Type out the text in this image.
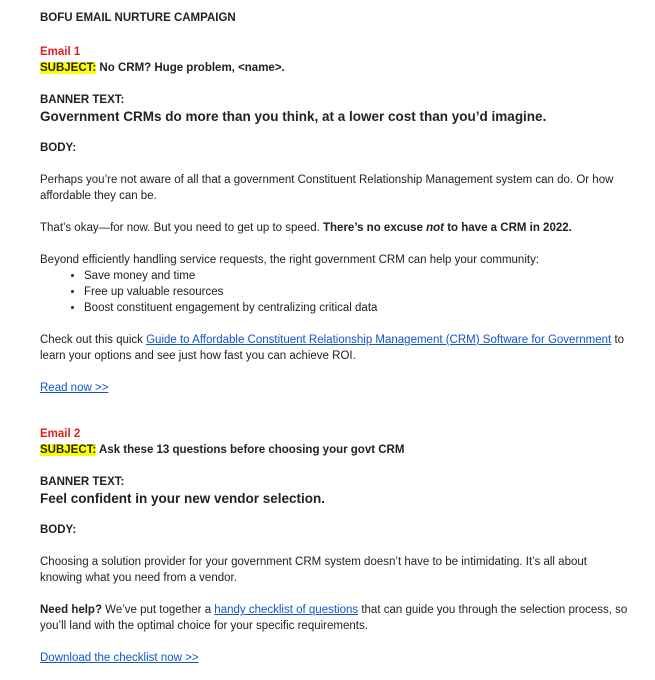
BOFU EMAIL NURTURE CAMPAIGN

Email 1

SUBJECT: No CRM? Huge problem, <name>.

BANNER TEXT:

Government CRMs do more than you think, at a lower cost than you’d imagine.

BODY:

Perhaps you’re not aware of all that a government Constituent Relationship Management system can do. Or how affordable they can be.

That’s okay—for now. But you need to get up to speed. There’s no excuse not to have a CRM in 2022.

Beyond efficiently handling service requests, the right government CRM can help your community:

• Save money and time
• Free up valuable resources
• Boost constituent engagement by centralizing critical data

Check out this quick Guide to Affordable Constituent Relationship Management (CRM) Software for Government to learn your options and see just how fast you can achieve ROI.

Read now >>

Email 2

SUBJECT: Ask these 13 questions before choosing your govt CRM

BANNER TEXT:

Feel confident in your new vendor selection.

BODY:

Choosing a solution provider for your government CRM system doesn’t have to be intimidating. It’s all about knowing what you need from a vendor.

Need help? We’ve put together a handy checklist of questions that can guide you through the selection process, so you’ll land with the optimal choice for your specific requirements.

Download the checklist now >>
